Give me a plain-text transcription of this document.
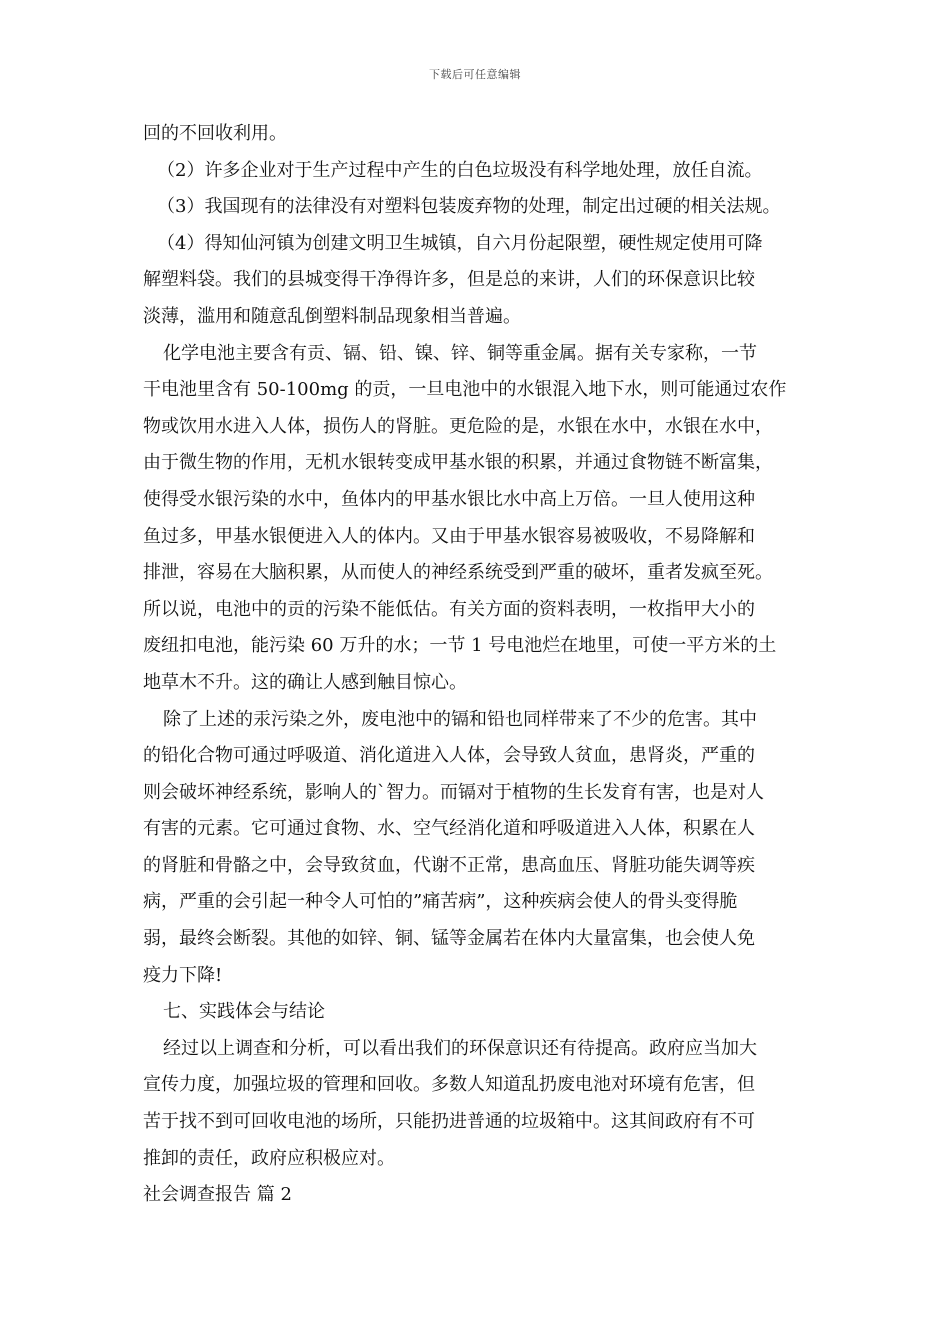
下载后可任意编辑
回的不回收利用。
（2）许多企业对于生产过程中产生的白色垃圾没有科学地处理，放任自流。
（3）我国现有的法律没有对塑料包装废弃物的处理，制定出过硬的相关法规。
（4）得知仙河镇为创建文明卫生城镇，自六月份起限塑，硬性规定使用可降
解塑料袋。我们的县城变得干净得许多，但是总的来讲，人们的环保意识比较
淡薄，滥用和随意乱倒塑料制品现象相当普遍。
化学电池主要含有贡、镉、铅、镍、锌、铜等重金属。据有关专家称，一节
干电池里含有 50-100mg 的贡，一旦电池中的水银混入地下水，则可能通过农作
物或饮用水进入人体，损伤人的肾脏。更危险的是，水银在水中，水银在水中，
由于微生物的作用，无机水银转变成甲基水银的积累，并通过食物链不断富集，
使得受水银污染的水中，鱼体内的甲基水银比水中高上万倍。一旦人使用这种
鱼过多，甲基水银便进入人的体内。又由于甲基水银容易被吸收，不易降解和
排泄，容易在大脑积累，从而使人的神经系统受到严重的破坏，重者发疯至死。
所以说，电池中的贡的污染不能低估。有关方面的资料表明，一枚指甲大小的
废纽扣电池，能污染 60 万升的水；一节 1 号电池烂在地里，可使一平方米的土
地草木不升。这的确让人感到触目惊心。
除了上述的汞污染之外，废电池中的镉和铅也同样带来了不少的危害。其中
的铅化合物可通过呼吸道、消化道进入人体，会导致人贫血，患肾炎，严重的
则会破坏神经系统，影响人的`智力。而镉对于植物的生长发育有害，也是对人
有害的元素。它可通过食物、水、空气经消化道和呼吸道进入人体，积累在人
的肾脏和骨骼之中，会导致贫血，代谢不正常，患高血压、肾脏功能失调等疾
病，严重的会引起一种令人可怕的”痛苦病”，这种疾病会使人的骨头变得脆
弱，最终会断裂。其他的如锌、铜、锰等金属若在体内大量富集，也会使人免
疫力下降!
七、实践体会与结论
经过以上调查和分析，可以看出我们的环保意识还有待提高。政府应当加大
宣传力度，加强垃圾的管理和回收。多数人知道乱扔废电池对环境有危害，但
苦于找不到可回收电池的场所，只能扔进普通的垃圾箱中。这其间政府有不可
推卸的责任，政府应积极应对。
社会调查报告 篇 2
